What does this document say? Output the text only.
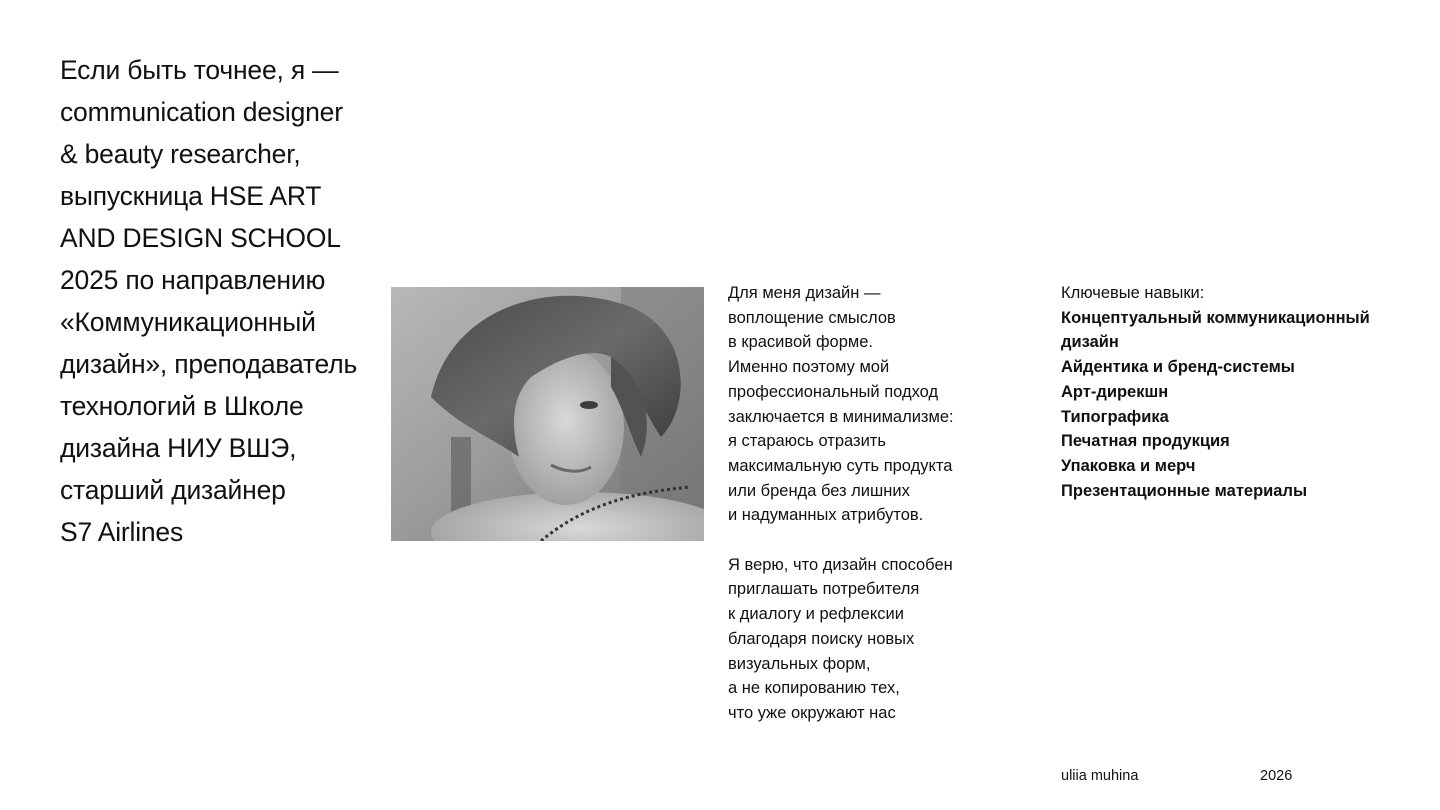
Если быть точнее, я —
communication designer
& beauty researcher,
выпускница HSE ART
AND DESIGN SCHOOL
2025 по направлению
«Коммуникационный
дизайн», преподаватель
технологий в Школе
дизайна НИУ ВШЭ,
старший дизайнер
S7 Airlines
Для меня дизайн —
воплощение смыслов
в красивой форме.
Именно поэтому мой
профессиональный подход
заключается в минимализме:
я стараюсь отразить
максимальную суть продукта
или бренда без лишних
и надуманных атрибутов.
Я верю, что дизайн способен
приглашать потребителя
к диалогу и рефлексии
благодаря поиску новых
визуальных форм,
а не копированию тех,
что уже окружают нас
Ключевые навыки:
Концептуальный коммуникационный
дизайн
Айдентика и бренд-системы
Арт-дирекшн
Типографика
Печатная продукция
Упаковка и мерч
Презентационные материалы
uliia muhina	2026
